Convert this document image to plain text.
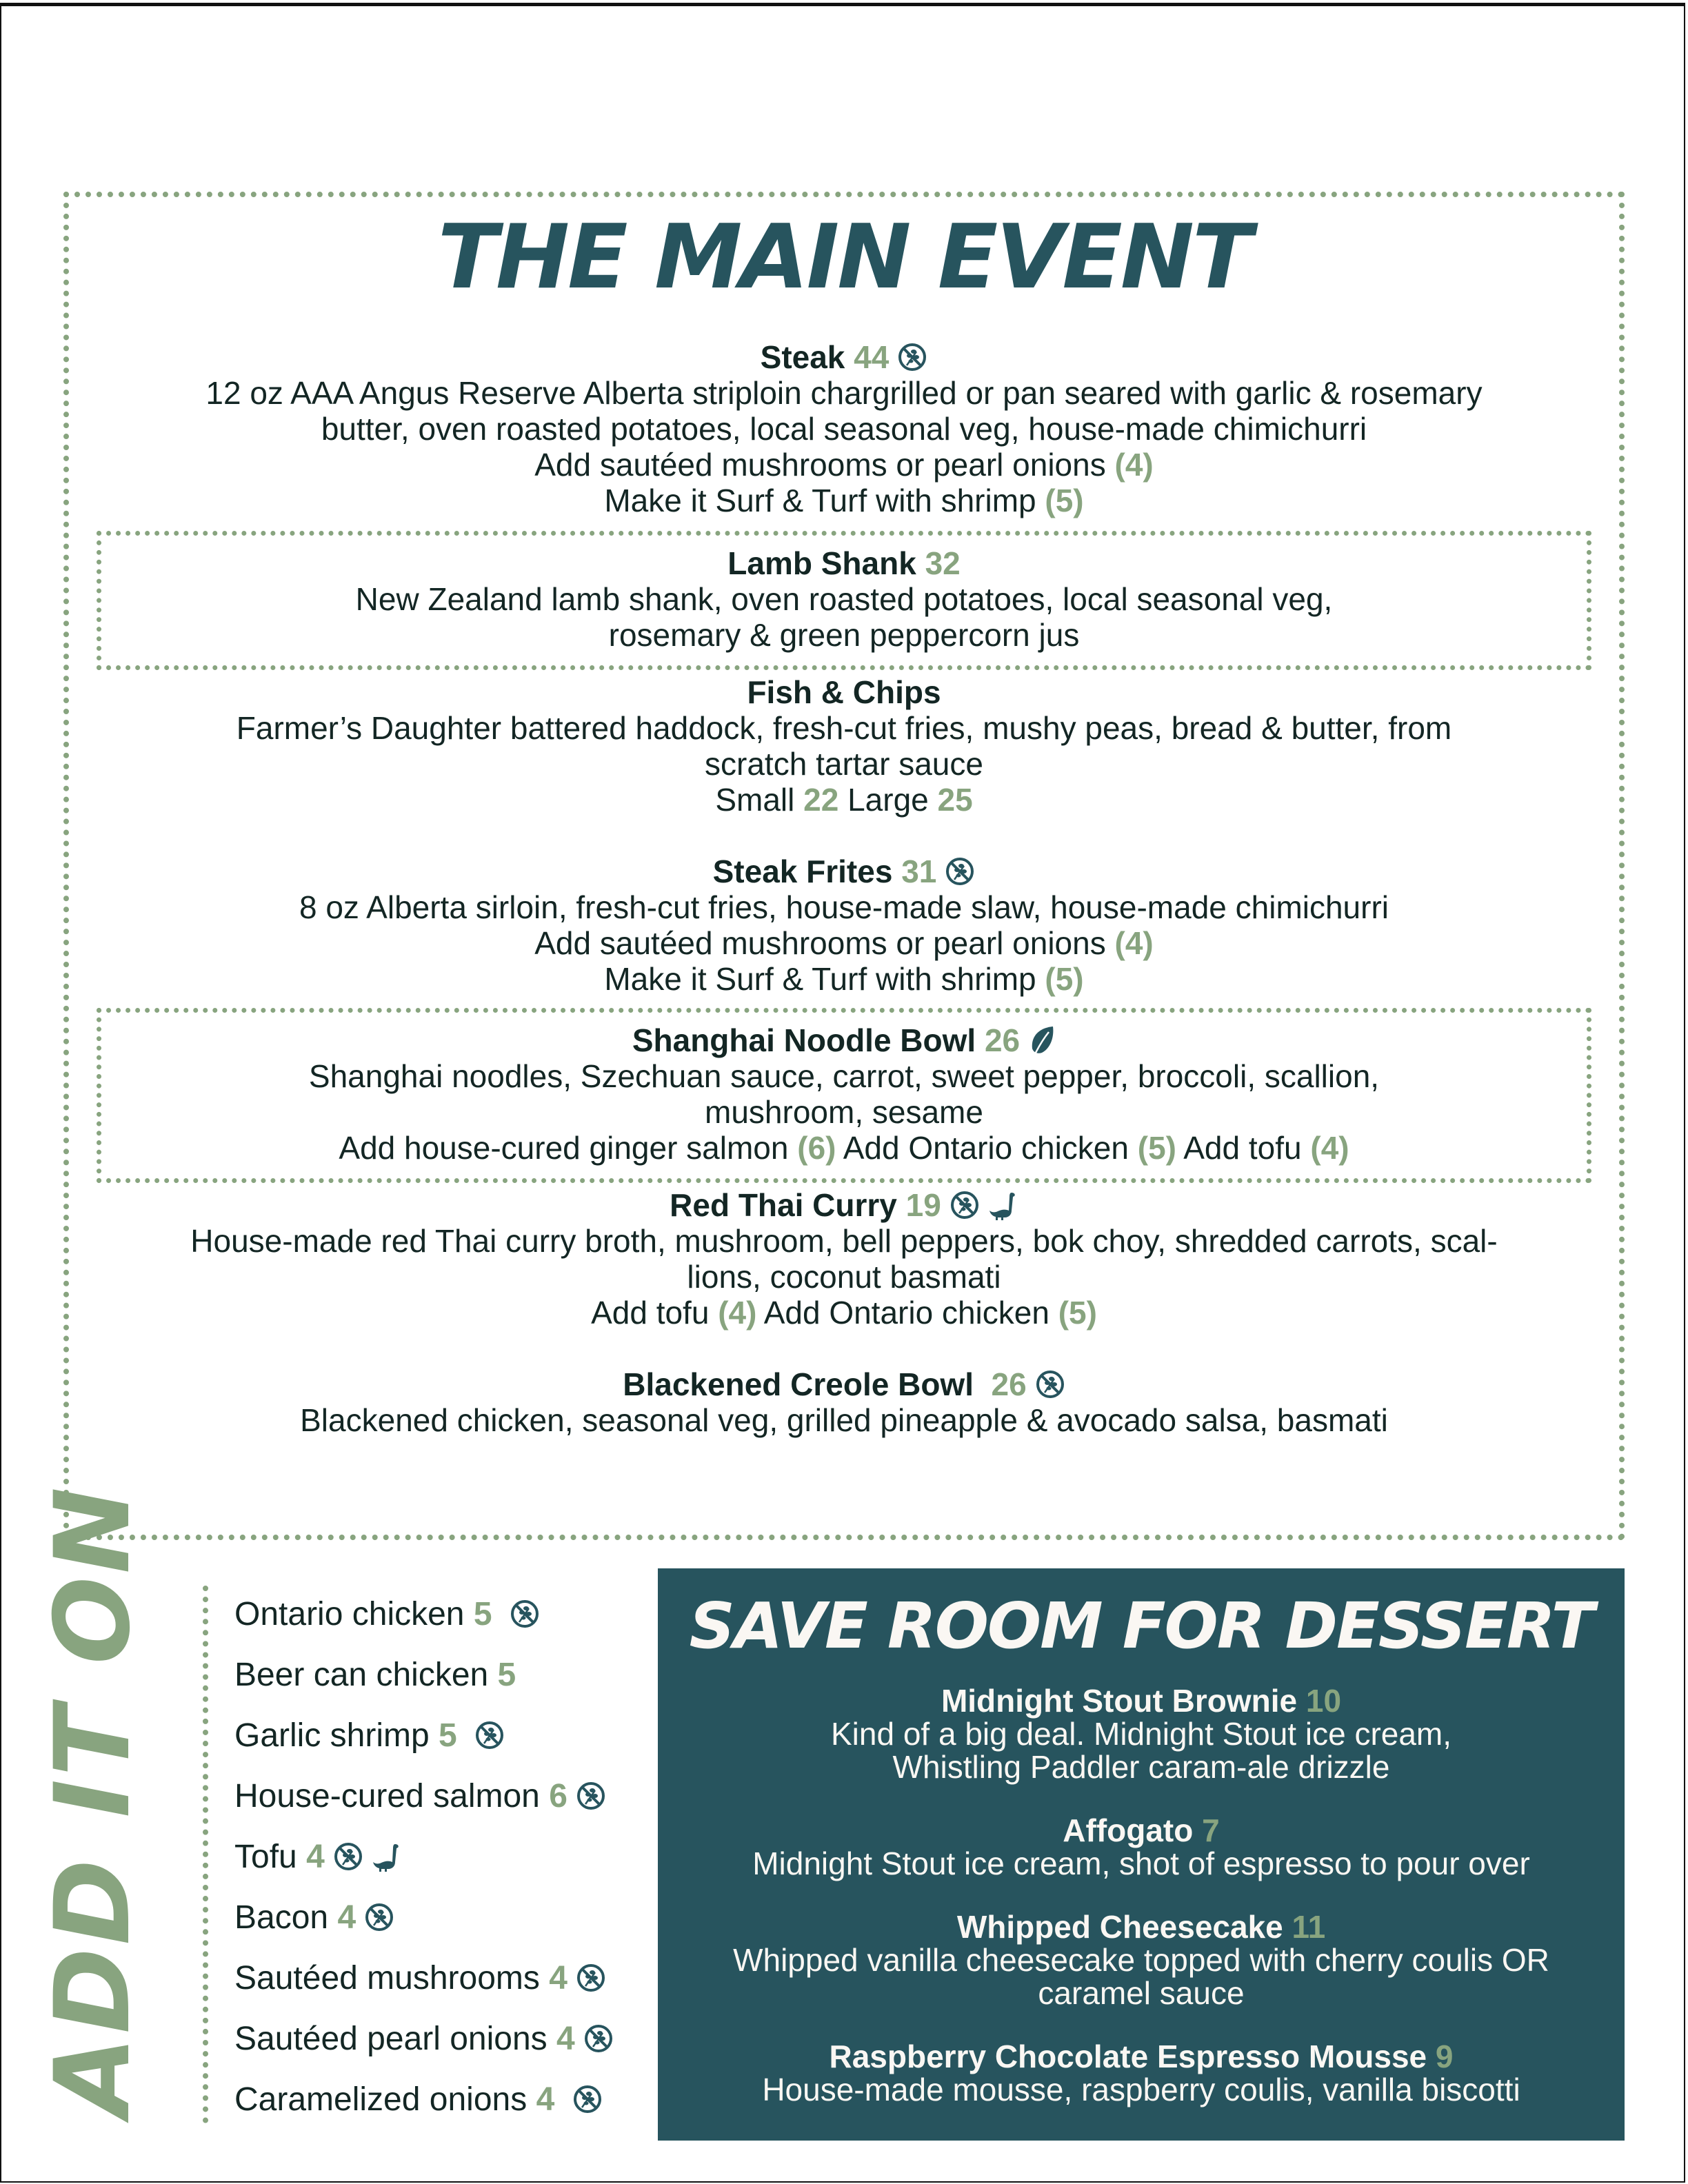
THE MAIN EVENT
Steak 44
12 oz AAA Angus Reserve Alberta striploin chargrilled or pan seared with garlic & rosemary
butter, oven roasted potatoes, local seasonal veg, house-made chimichurri
Add sautéed mushrooms or pearl onions (4)
Make it Surf & Turf with shrimp (5)
Lamb Shank 32
New Zealand lamb shank, oven roasted potatoes, local seasonal veg,
rosemary & green peppercorn jus
Fish & Chips
Farmer’s Daughter battered haddock, fresh-cut fries, mushy peas, bread & butter, from
scratch tartar sauce
Small 22 Large 25
Steak Frites 31
8 oz Alberta sirloin, fresh-cut fries, house-made slaw, house-made chimichurri
Add sautéed mushrooms or pearl onions (4)
Make it Surf & Turf with shrimp (5)
Shanghai Noodle Bowl 26
Shanghai noodles, Szechuan sauce, carrot, sweet pepper, broccoli, scallion,
mushroom, sesame
Add house-cured ginger salmon (6) Add Ontario chicken (5) Add tofu (4)
Red Thai Curry 19
House-made red Thai curry broth, mushroom, bell peppers, bok choy, shredded carrots, scal-
lions, coconut basmati
Add tofu (4) Add Ontario chicken (5)
Blackened Creole Bowl 26
Blackened chicken, seasonal veg, grilled pineapple & avocado salsa, basmati
ADD IT ON Ontario chicken 5
Beer can chicken 5
Garlic shrimp 5
House-cured salmon 6
Tofu 4
Bacon 4
Sautéed mushrooms 4
Sautéed pearl onions 4
Caramelized onions 4
SAVE ROOM FOR DESSERT
Midnight Stout Brownie 10
Kind of a big deal. Midnight Stout ice cream,
Whistling Paddler caram-ale drizzle
Affogato 7
Midnight Stout ice cream, shot of espresso to pour over
Whipped Cheesecake 11
Whipped vanilla cheesecake topped with cherry coulis OR
caramel sauce
Raspberry Chocolate Espresso Mousse 9
House-made mousse, raspberry coulis, vanilla biscotti
